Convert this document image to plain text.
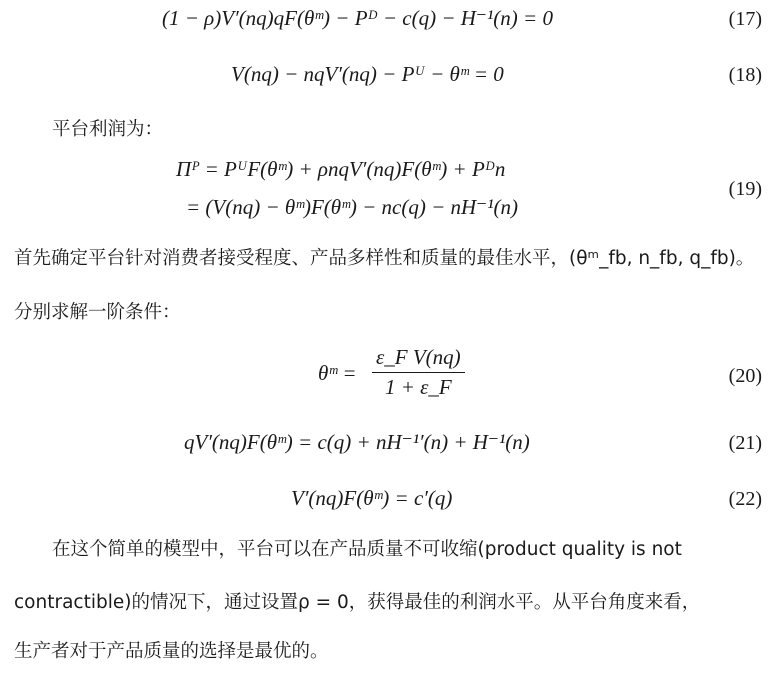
(1 − ρ)V′(nq)qF(θᵐ) − Pᴰ − c(q) − H⁻¹(n) = 0	(17)
V(nq) − nqV′(nq) − Pᵁ − θᵐ = 0	(18)
平台利润为：
Πᴾ = PᵁF(θᵐ) + ρnqV′(nq)F(θᵐ) + Pᴰn
= (V(nq) − θᵐ)F(θᵐ) − nc(q) − nH⁻¹(n)
(19)
首先确定平台针对消费者接受程度、产品多样性和质量的最佳水平，(θᵐ_fb, n_fb, q_fb)。
分别求解一阶条件：
θᵐ =
ε_F V(nq)
1 + ε_F	(20)
qV′(nq)F(θᵐ) = c(q) + nH⁻¹′(n) + H⁻¹(n)	(21)
V′(nq)F(θᵐ) = c′(q)	(22)
在这个简单的模型中，平台可以在产品质量不可收缩(product quality is not
contractible)的情况下，通过设置ρ = 0，获得最佳的利润水平。从平台角度来看，
生产者对于产品质量的选择是最优的。
